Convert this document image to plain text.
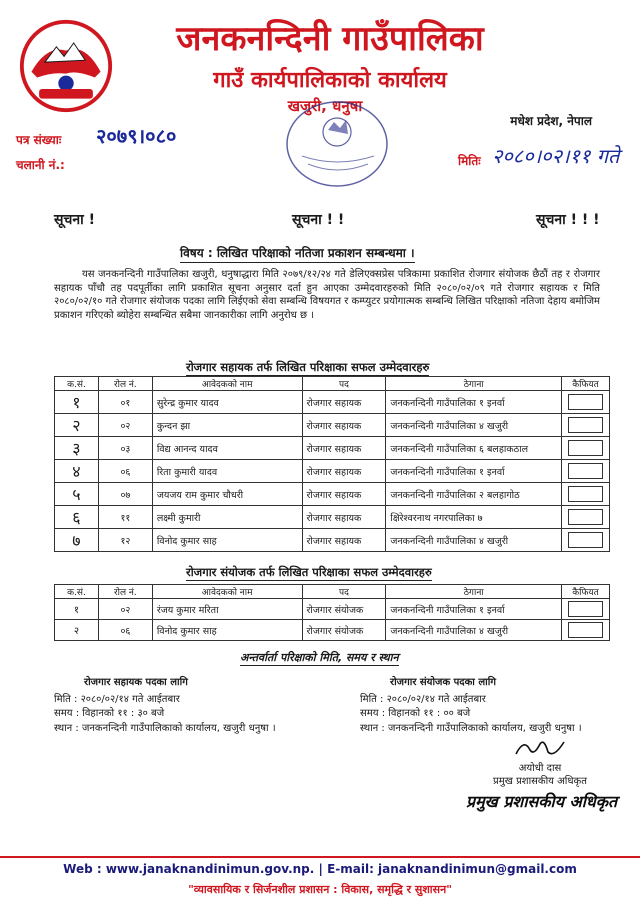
जनकनन्दिनी गाउँपालिका
गाउँ कार्यपालिकाको कार्यालय
खजुरी, धनुषा
पत्र संख्याः २०७९।०८०
चलानी नं.:
मधेश प्रदेश, नेपाल
मितिः २०८०।०२।११ गते
सूचना !	सूचना ! !	सूचना ! ! !
विषय : लिखित परिक्षाको नतिजा प्रकाशन सम्बन्धमा ।

यस जनकनन्दिनी गाउँपालिका खजुरी, धनुषाद्धारा मिति २०७९/१२/२४ गते डेलिएक्सप्रेस पत्रिकामा प्रकाशित रोजगार संयोजक छैठौं तह र रोजगार सहायक पाँचौ तह पदपूर्तीका लागि प्रकाशित सूचना अनुसार दर्ता हुन आएका उम्मेदवारहरुको मिति २०८०/०२/०९ गते रोजगार सहायक र मिति २०८०/०२/१० गते रोजगार संयोजक पदका लागि लिईएको सेवा सम्बन्धि विषयगत र कम्प्युटर प्रयोगात्मक सम्बन्धि लिखित परिक्षाको नतिजा देहाय बमोजिम प्रकाशन गरिएको ब्योहेरा सम्बन्धित सबैमा जानकारीका लागि अनुरोध छ ।

रोजगार सहायक तर्फ लिखित परिक्षाका सफल उम्मेदवारहरु
क.सं.	रोल नं.	आवेदकको नाम	पद	ठेगाना	कैफियत
१	०१	सुरेन्द्र कुमार यादव	रोजगार सहायक	जनकनन्दिनी गाउँपालिका १ इनर्वा	

२	०२	कुन्दन झा	रोजगार सहायक	जनकनन्दिनी गाउँपालिका ४ खजुरी	

३	०३	विद्य आनन्द यादव	रोजगार सहायक	जनकनन्दिनी गाउँपालिका ६ बलहाकठाल	

४	०६	रिता कुमारी यादव	रोजगार सहायक	जनकनन्दिनी गाउँपालिका १ इनर्वा	

५	०७	जयजय राम कुमार चौधरी	रोजगार सहायक	जनकनन्दिनी गाउँपालिका २ बलहागोठ	

६	११	लक्ष्मी कुमारी	रोजगार सहायक	क्षिरेश्वरनाथ नगरपालिका ७	

७	१२	विनोद कुमार साह	रोजगार सहायक	जनकनन्दिनी गाउँपालिका ४ खजुरी	
रोजगार संयोजक तर्फ लिखित परिक्षाका सफल उम्मेदवारहरु
क.सं.	रोल नं.	आवेदकको नाम	पद	ठेगाना	कैफियत
१	०२	रंजय कुमार मरिता	रोजगार संयोजक	जनकनन्दिनी गाउँपालिका १ इनर्वा	

२	०६	विनोद कुमार साह	रोजगार संयोजक	जनकनन्दिनी गाउँपालिका ४ खजुरी	
अन्तर्वार्ता परिक्षाको मिति, समय र स्थान
रोजगार सहायक पदका लागि
मिति : २०८०/०२/१४ गते आईतबार
समय : विहानको ११ : ३० बजे
स्थान : जनकनन्दिनी गाउँपालिकाको कार्यालय, खजुरी धनुषा ।
रोजगार संयोजक पदका लागि
मिति : २०८०/०२/१४ गते आईतबार
समय : विहानको ११ : ०० बजे
स्थान : जनकनन्दिनी गाउँपालिकाको कार्यालय, खजुरी धनुषा ।
अयोधी दास
प्रमुख प्रशासकीय अधिकृत
प्रमुख प्रशासकीय अधिकृत
Web : www.janaknandinimun.gov.np. | E-mail: janaknandinimun@gmail.com
"व्यावसायिक र सिर्जनशील प्रशासन : विकास, समृद्धि र सुशासन"
